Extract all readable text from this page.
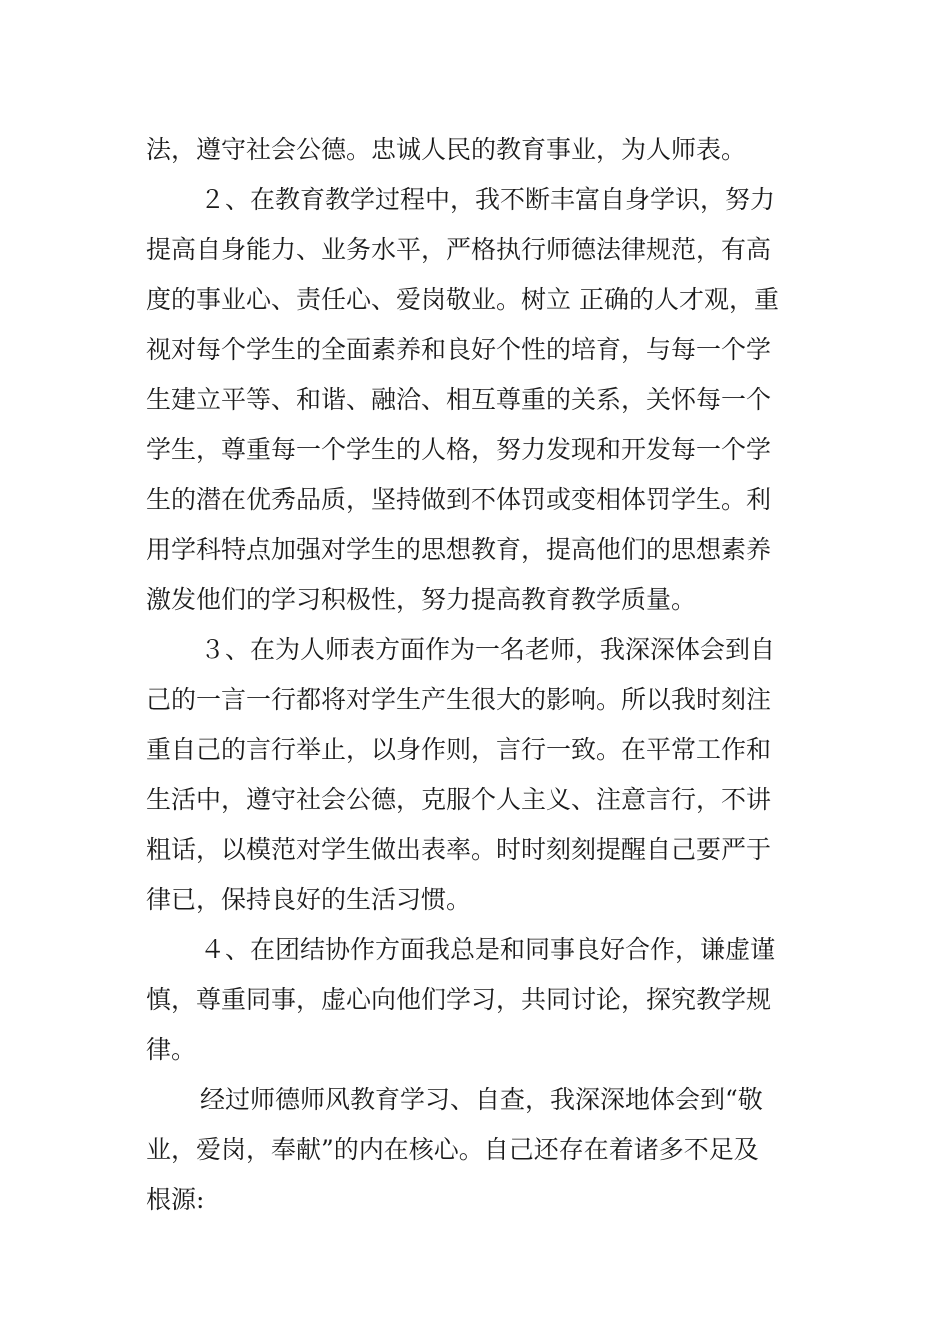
法，遵守社会公德。忠诚人民的教育事业，为人师表。
２、在教育教学过程中，我不断丰富自身学识，努力
提高自身能力、业务水平，严格执行师德法律规范，有高
度的事业心、责任心、爱岗敬业。树立 正确的人才观，重
视对每个学生的全面素养和良好个性的培育，与每一个学
生建立平等、和谐、融洽、相互尊重的关系，关怀每一个
学生，尊重每一个学生的人格，努力发现和开发每一个学
生的潜在优秀品质，坚持做到不体罚或变相体罚学生。利
用学科特点加强对学生的思想教育，提高他们的思想素养
激发他们的学习积极性，努力提高教育教学质量。
３、在为人师表方面作为一名老师，我深深体会到自
己的一言一行都将对学生产生很大的影响。所以我时刻注
重自己的言行举止，以身作则，言行一致。在平常工作和
生活中，遵守社会公德，克服个人主义、注意言行，不讲
粗话，以模范对学生做出表率。时时刻刻提醒自己要严于
律已，保持良好的生活习惯。
４、在团结协作方面我总是和同事良好合作，谦虚谨
慎，尊重同事，虚心向他们学习，共同讨论，探究教学规
律。
经过师德师风教育学习、自查，我深深地体会到“敬
业，爱岗，奉献”的内在核心。自己还存在着诸多不足及
根源:
